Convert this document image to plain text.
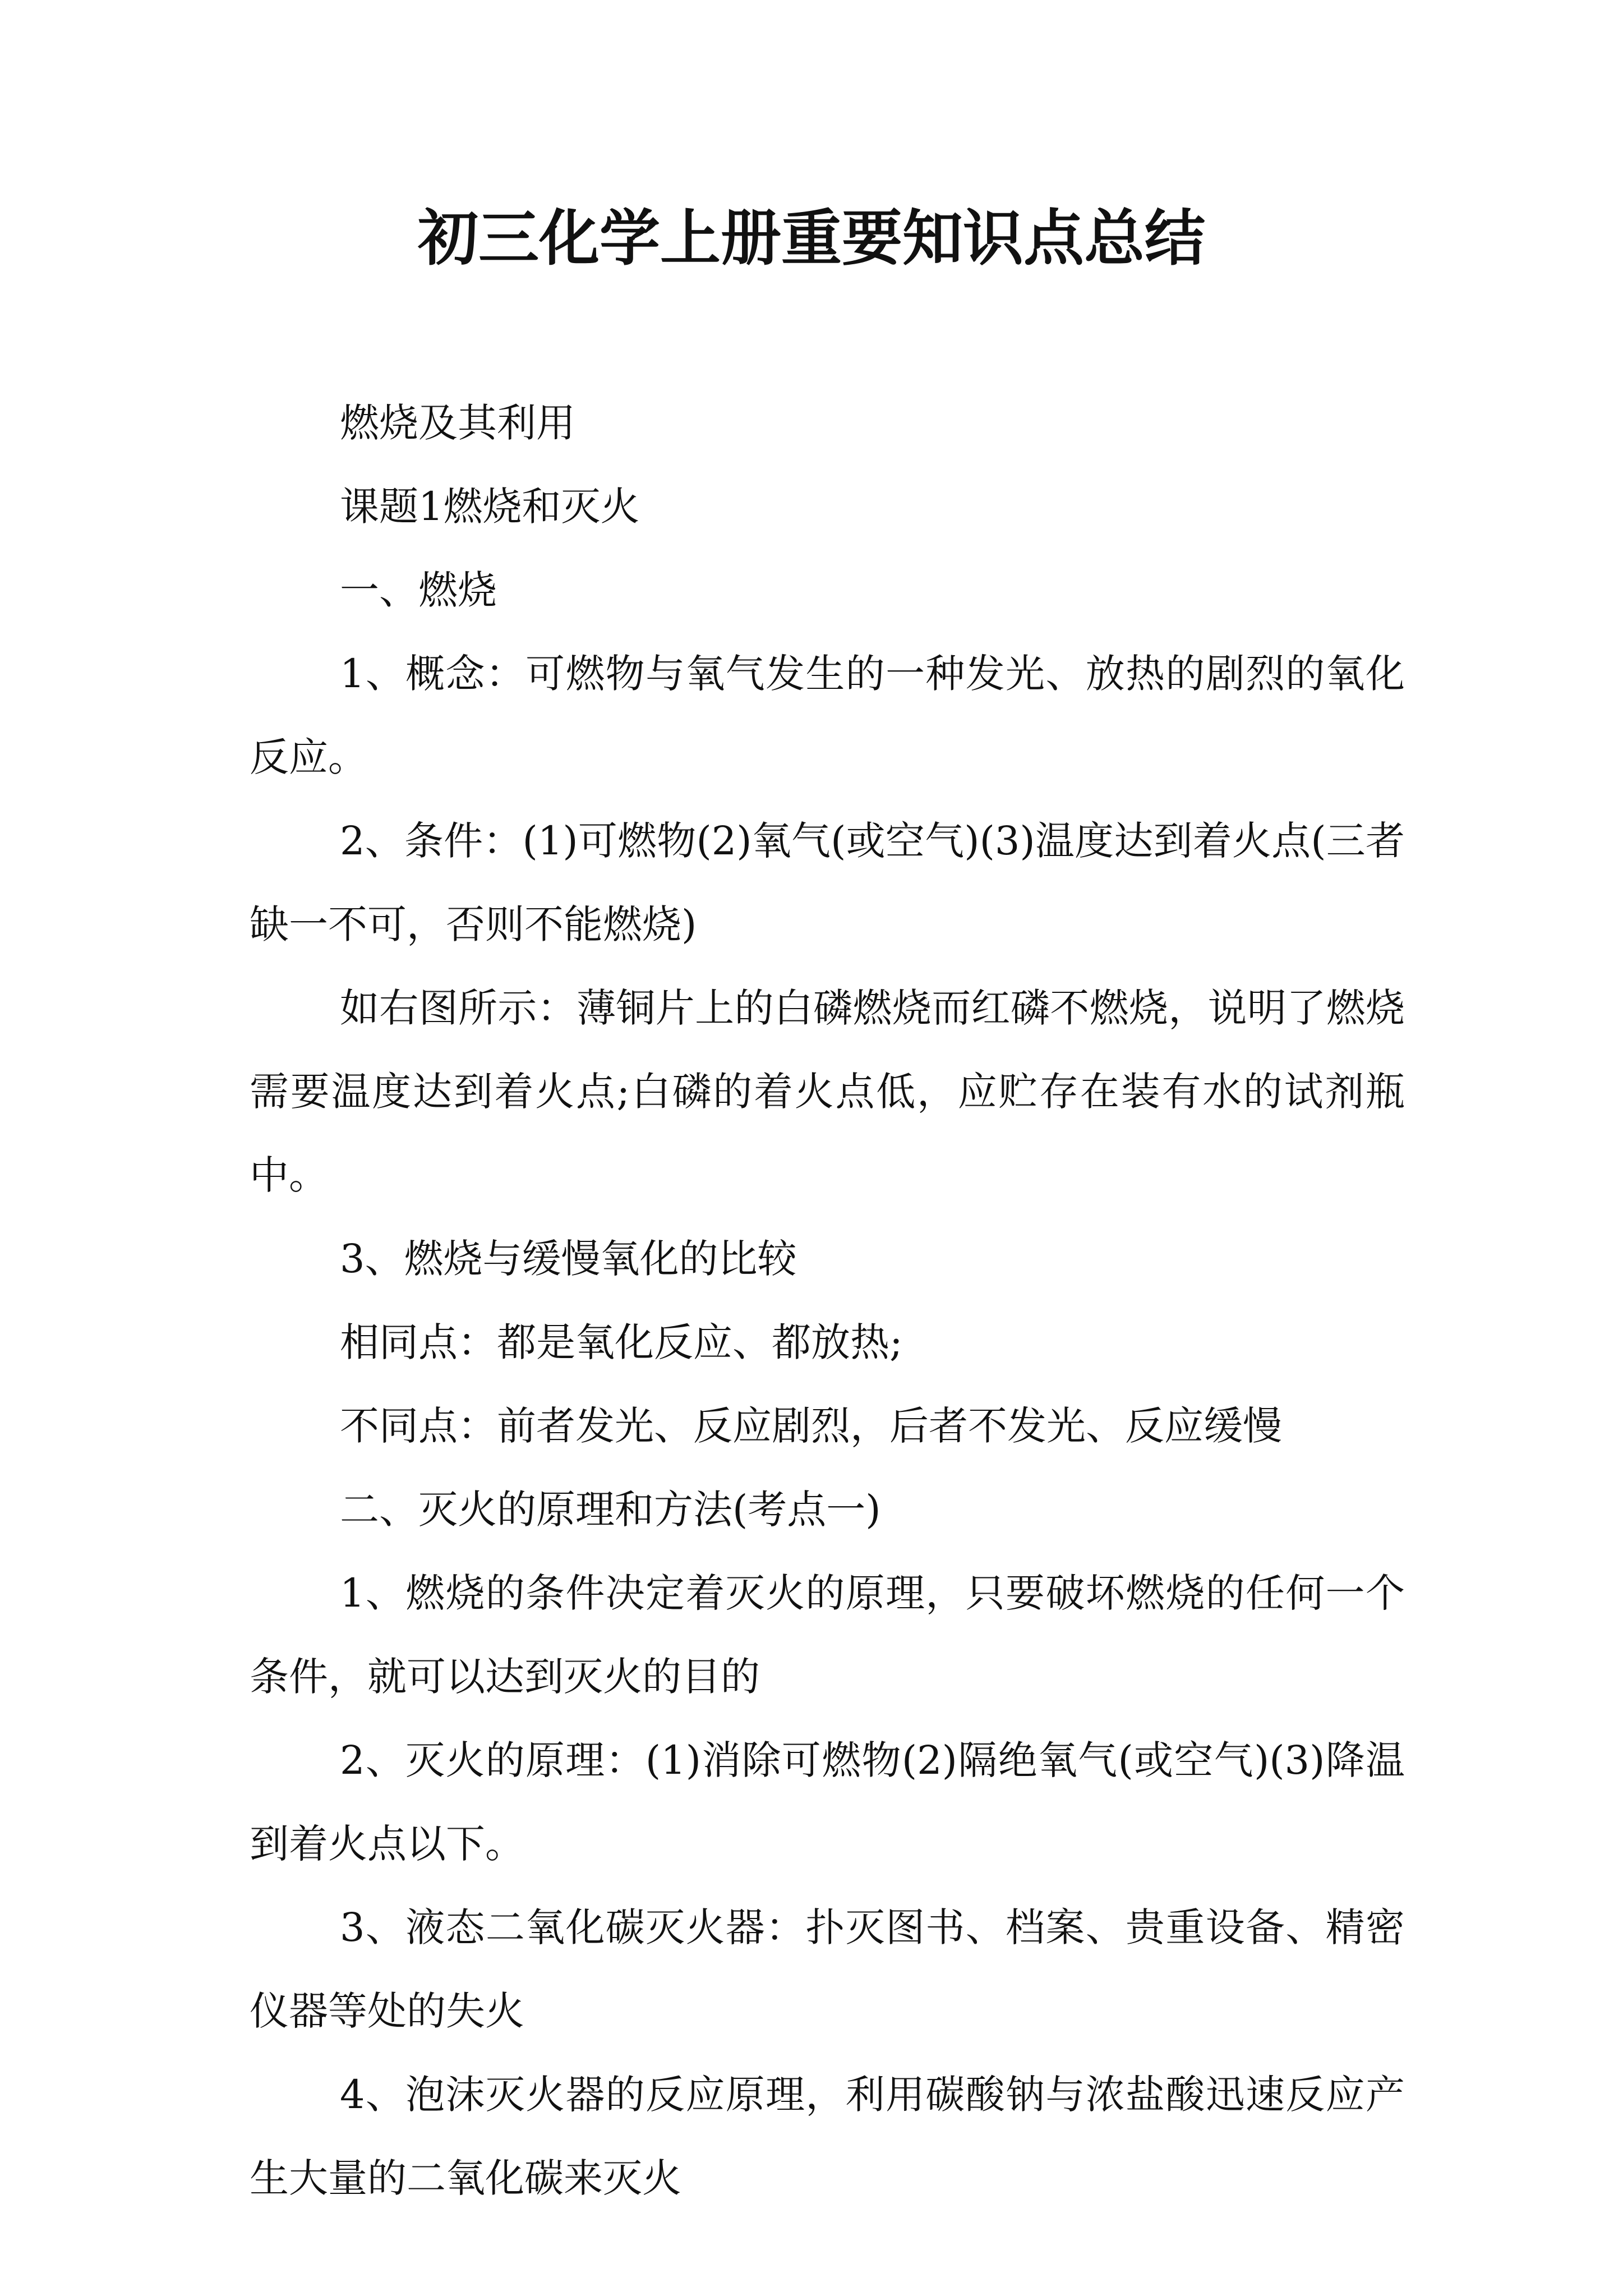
初三化学上册重要知识点总结

燃烧及其利用

课题1燃烧和灭火

一、燃烧

1、概念：可燃物与氧气发生的一种发光、放热的剧烈的氧化反应。

2、条件：(1)可燃物(2)氧气(或空气)(3)温度达到着火点(三者缺一不可，否则不能燃烧)

如右图所示：薄铜片上的白磷燃烧而红磷不燃烧，说明了燃烧需要温度达到着火点;白磷的着火点低，应贮存在装有水的试剂瓶中。

3、燃烧与缓慢氧化的比较

相同点：都是氧化反应、都放热;

不同点：前者发光、反应剧烈，后者不发光、反应缓慢

二、灭火的原理和方法(考点一)

1、燃烧的条件决定着灭火的原理，只要破坏燃烧的任何一个条件，就可以达到灭火的目的

2、灭火的原理：(1)消除可燃物(2)隔绝氧气(或空气)(3)降温到着火点以下。

3、液态二氧化碳灭火器：扑灭图书、档案、贵重设备、精密仪器等处的失火

4、泡沫灭火器的反应原理，利用碳酸钠与浓盐酸迅速反应产生大量的二氧化碳来灭火
